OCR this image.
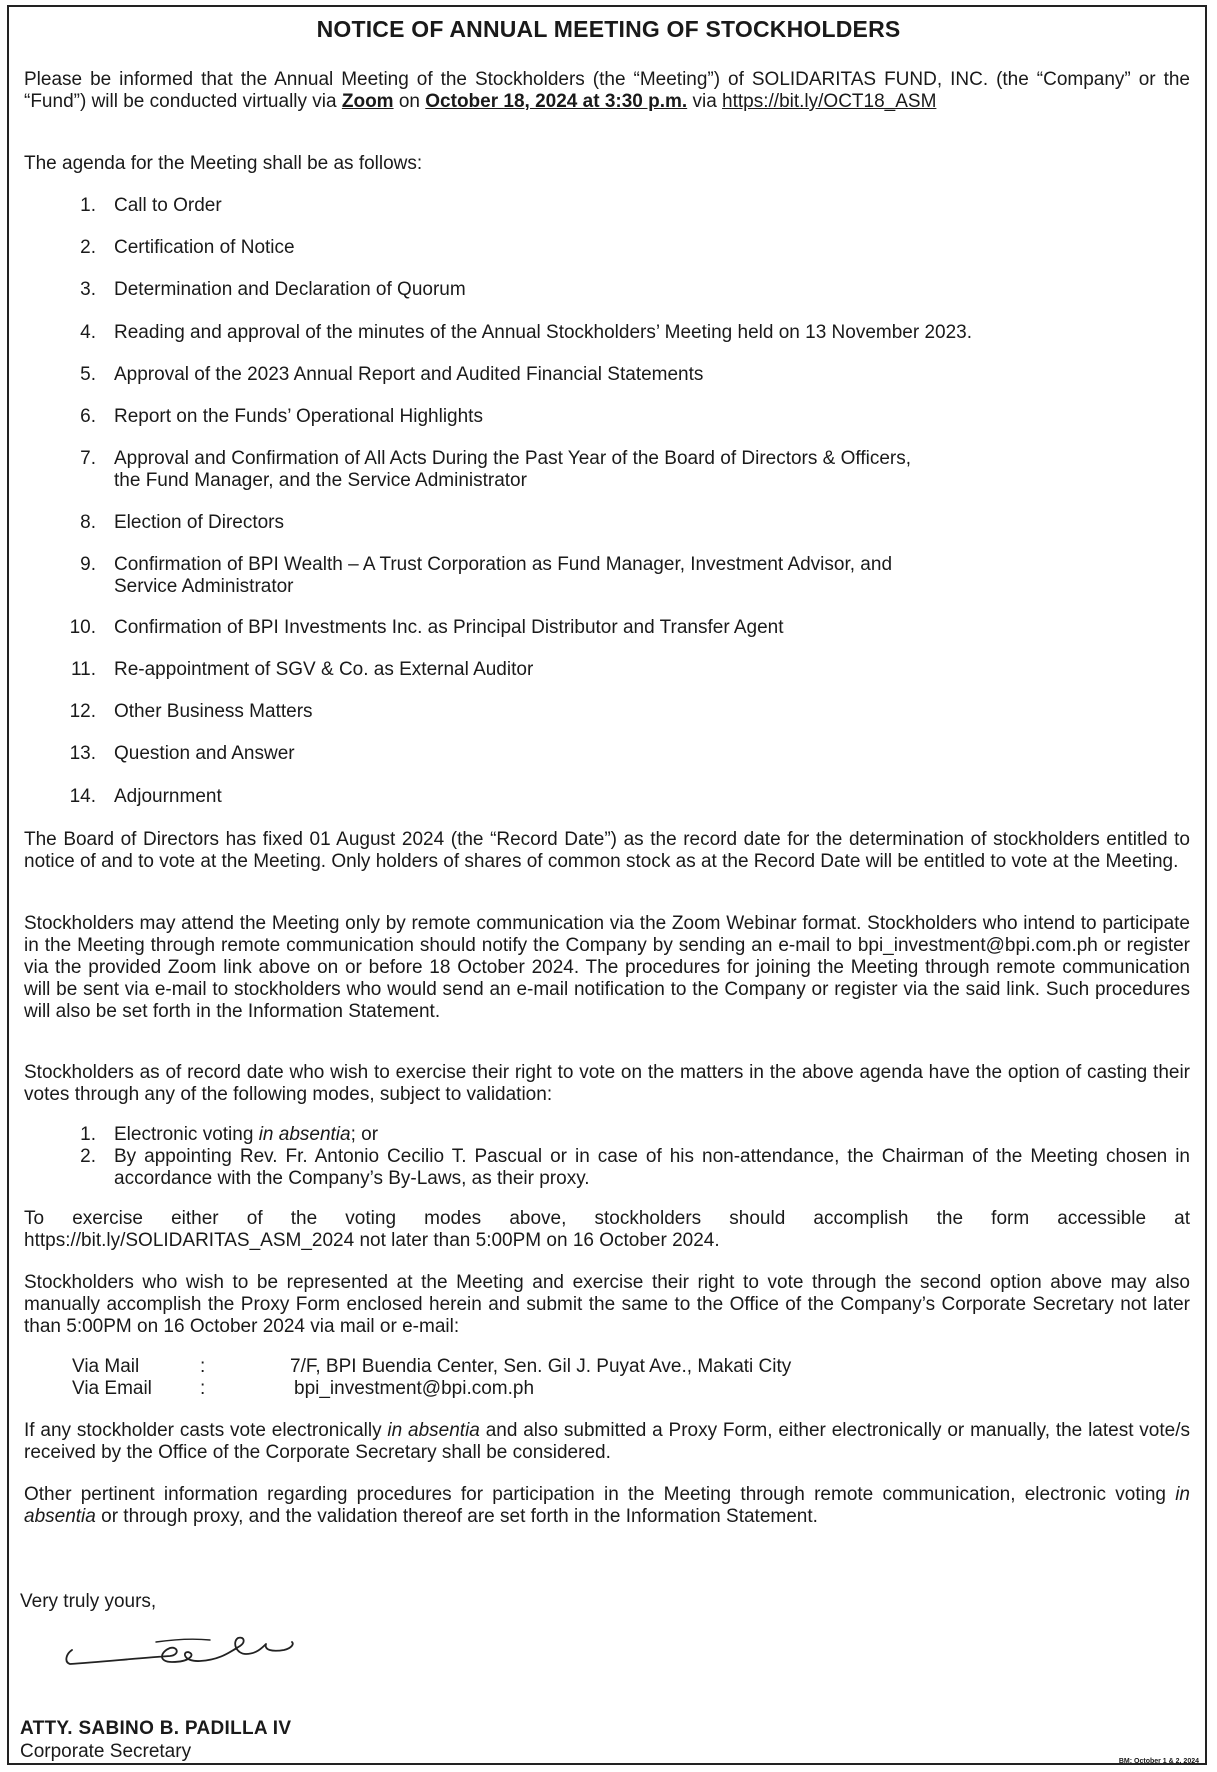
NOTICE OF ANNUAL MEETING OF STOCKHOLDERS
Please be informed that the Annual Meeting of the Stockholders (the “Meeting”) of SOLIDARITAS FUND, INC. (the “Company” or the “Fund”) will be conducted virtually via Zoom on October 18, 2024 at 3:30 p.m. via https://bit.ly/OCT18_ASM
The agenda for the Meeting shall be as follows:
1. Call to Order
2. Certification of Notice
3. Determination and Declaration of Quorum
4. Reading and approval of the minutes of the Annual Stockholders’ Meeting held on 13 November 2023.
5. Approval of the 2023 Annual Report and Audited Financial Statements
6. Report on the Funds’ Operational Highlights
7. Approval and Confirmation of All Acts During the Past Year of the Board of Directors & Officers,
the Fund Manager, and the Service Administrator
8. Election of Directors
9. Confirmation of BPI Wealth – A Trust Corporation as Fund Manager, Investment Advisor, and
Service Administrator
10. Confirmation of BPI Investments Inc. as Principal Distributor and Transfer Agent
11. Re-appointment of SGV & Co. as External Auditor
12. Other Business Matters
13. Question and Answer
14. Adjournment
The Board of Directors has fixed 01 August 2024 (the “Record Date”) as the record date for the determination of stockholders entitled to notice of and to vote at the Meeting. Only holders of shares of common stock as at the Record Date will be entitled to vote at the Meeting.
Stockholders may attend the Meeting only by remote communication via the Zoom Webinar format. Stockholders who intend to participate in the Meeting through remote communication should notify the Company by sending an e-mail to bpi_investment@bpi.com.ph or register via the provided Zoom link above on or before 18 October 2024. The procedures for joining the Meeting through remote communication will be sent via e-mail to stockholders who would send an e-mail notification to the Company or register via the said link. Such procedures will also be set forth in the Information Statement.
Stockholders as of record date who wish to exercise their right to vote on the matters in the above agenda have the option of casting their votes through any of the following modes, subject to validation:
1. Electronic voting in absentia; or
2. By appointing Rev. Fr. Antonio Cecilio T. Pascual or in case of his non-attendance, the Chairman of the Meeting chosen in accordance with the Company’s By-Laws, as their proxy.
To exercise either of the voting modes above, stockholders should accomplish the form accessible at https://bit.ly/SOLIDARITAS_ASM_2024 not later than 5:00PM on 16 October 2024.
Stockholders who wish to be represented at the Meeting and exercise their right to vote through the second option above may also manually accomplish the Proxy Form enclosed herein and submit the same to the Office of the Company’s Corporate Secretary not later than 5:00PM on 16 October 2024 via mail or e-mail:
Via Mail	:	7/F, BPI Buendia Center, Sen. Gil J. Puyat Ave., Makati City
Via Email	:	bpi_investment@bpi.com.ph
If any stockholder casts vote electronically in absentia and also submitted a Proxy Form, either electronically or manually, the latest vote/s received by the Office of the Corporate Secretary shall be considered.
Other pertinent information regarding procedures for participation in the Meeting through remote communication, electronic voting in absentia or through proxy, and the validation thereof are set forth in the Information Statement.
Very truly yours,
ATTY. SABINO B. PADILLA IV
Corporate Secretary	BM: October 1 & 2, 2024
